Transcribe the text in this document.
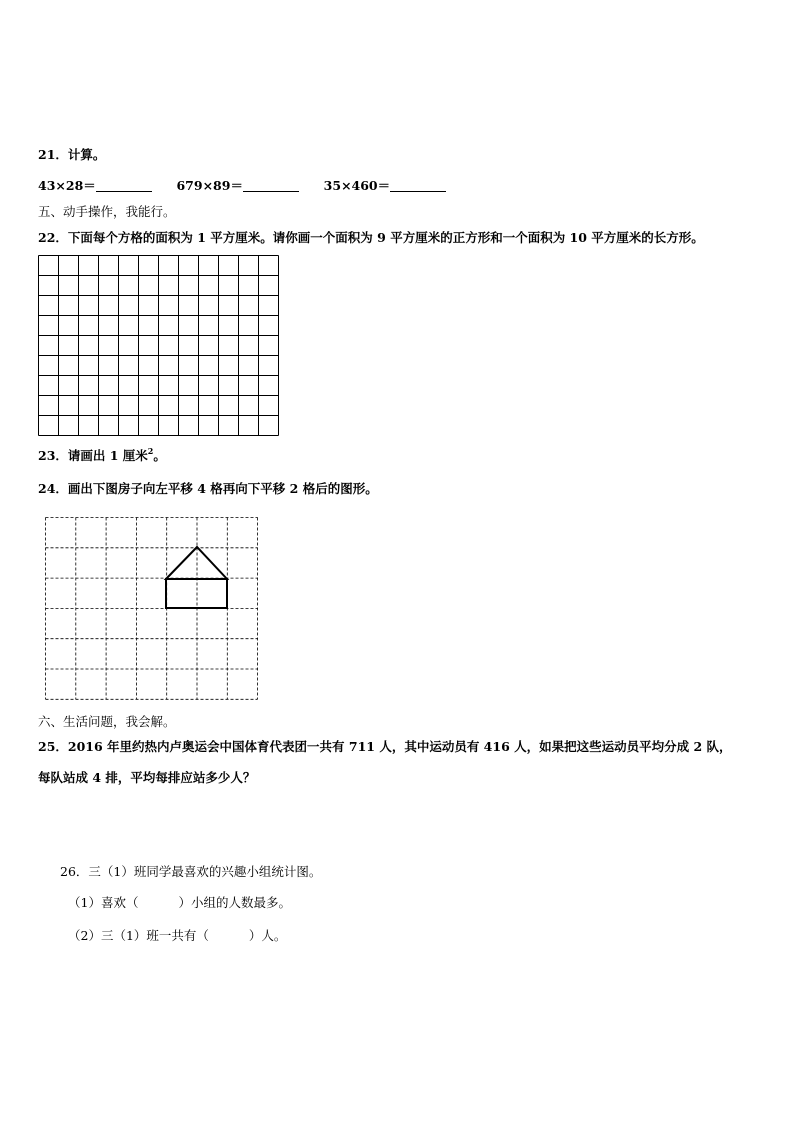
21．计算。
43×28＝	679×89＝	35×460＝
五、动手操作，我能行。
22．下面每个方格的面积为 1 平方厘米。请你画一个面积为 9 平方厘米的正方形和一个面积为 10 平方厘米的长方形。
23．请画出 1 厘米$^2$。
24．画出下图房子向左平移 4 格再向下平移 2 格后的图形。
六、生活问题，我会解。
25．2016 年里约热内卢奥运会中国体育代表团一共有 711 人，其中运动员有 416 人，如果把这些运动员平均分成 2 队，
每队站成 4 排，平均每排应站多少人？
26．三（1）班同学最喜欢的兴趣小组统计图。
（1）喜欢（	）小组的人数最多。
（2）三（1）班一共有（	）人。
